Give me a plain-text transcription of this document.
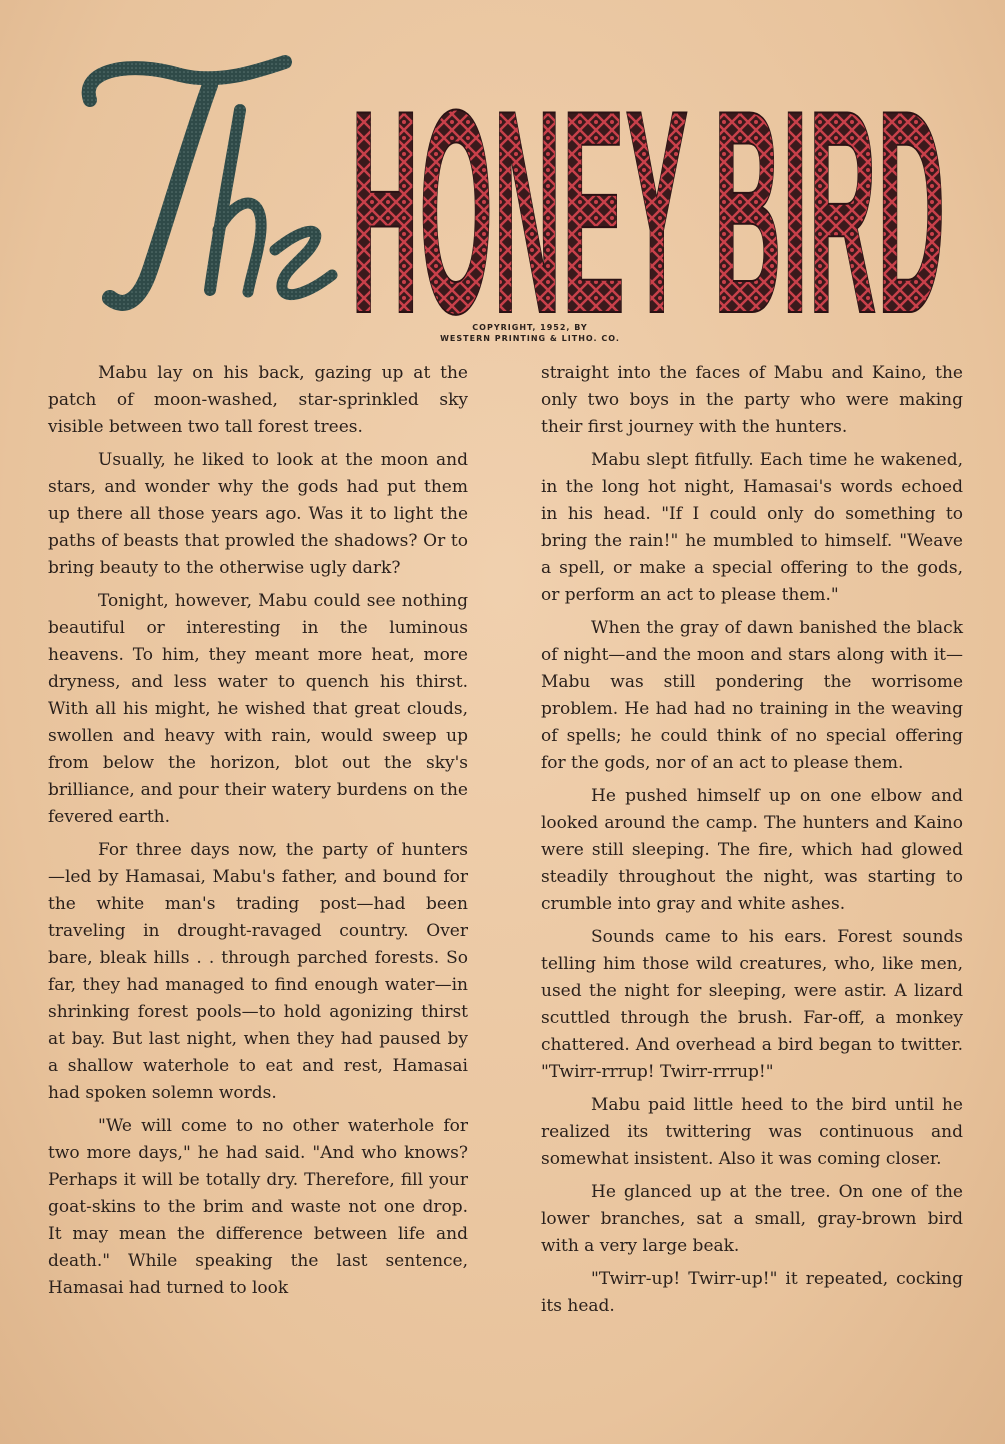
HONEY BIRD
COPYRIGHT, 1952, BY
WESTERN PRINTING & LITHO. CO.

Mabu lay on his back, gazing up at the patch of moon-washed, star-sprinkled sky visible between two tall forest trees.

Usually, he liked to look at the moon and stars, and wonder why the gods had put them up there all those years ago. Was it to light the paths of beasts that prowled the shadows? Or to bring beauty to the otherwise ugly dark?

Tonight, however, Mabu could see nothing beautiful or interesting in the luminous heavens. To him, they meant more heat, more dryness, and less water to quench his thirst. With all his might, he wished that great clouds, swollen and heavy with rain, would sweep up from below the horizon, blot out the sky's brilliance, and pour their watery burdens on the fevered earth.

For three days now, the party of hunters —led by Hamasai, Mabu's father, and bound for the white man's trading post—had been traveling in drought-ravaged country. Over bare, bleak hills . . through parched forests. So far, they had managed to find enough water—in shrinking forest pools—to hold agonizing thirst at bay. But last night, when they had paused by a shallow waterhole to eat and rest, Hamasai had spoken solemn words.

"We will come to no other waterhole for two more days," he had said. "And who knows? Perhaps it will be totally dry. Therefore, fill your goat-skins to the brim and waste not one drop. It may mean the difference between life and death." While speaking the last sentence, Hamasai had turned to look

straight into the faces of Mabu and Kaino, the only two boys in the party who were making their first journey with the hunters.

Mabu slept fitfully. Each time he wakened, in the long hot night, Hamasai's words echoed in his head. "If I could only do something to bring the rain!" he mumbled to himself. "Weave a spell, or make a special offering to the gods, or perform an act to please them."

When the gray of dawn banished the black of night—and the moon and stars along with it—Mabu was still pondering the worrisome problem. He had had no training in the weaving of spells; he could think of no special offering for the gods, nor of an act to please them.

He pushed himself up on one elbow and looked around the camp. The hunters and Kaino were still sleeping. The fire, which had glowed steadily throughout the night, was starting to crumble into gray and white ashes.

Sounds came to his ears. Forest sounds telling him those wild creatures, who, like men, used the night for sleeping, were astir. A lizard scuttled through the brush. Far-off, a monkey chattered. And overhead a bird began to twitter. "Twirr-rrrup! Twirr-rrrup!"

Mabu paid little heed to the bird until he realized its twittering was continuous and somewhat insistent. Also it was coming closer.

He glanced up at the tree. On one of the lower branches, sat a small, gray-brown bird with a very large beak.

"Twirr-up! Twirr-up!" it repeated, cocking its head.
